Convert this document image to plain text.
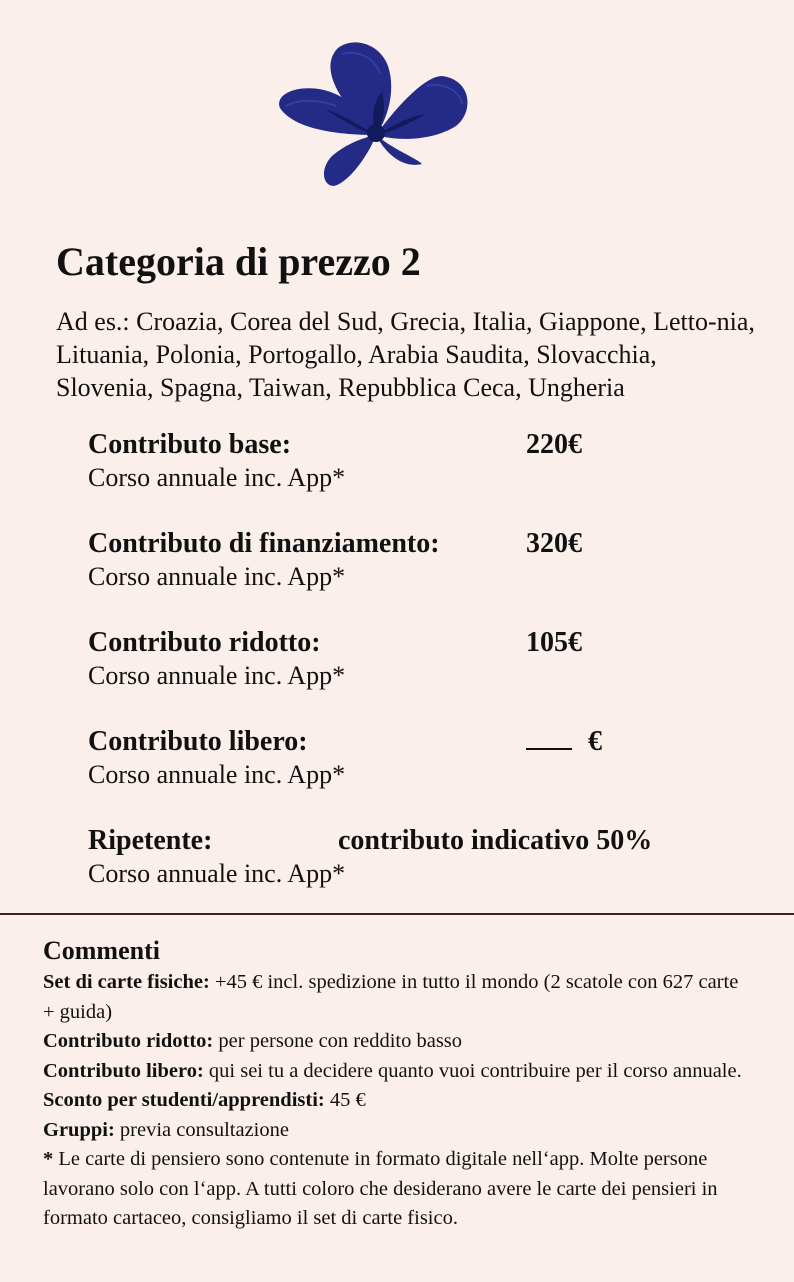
Categoria di prezzo 2

Ad es.: Croazia, Corea del Sud, Grecia, Italia, Giappone, Letto-nia, Lituania, Polonia, Portogallo, Arabia Saudita, Slovacchia, Slovenia, Spagna, Taiwan, Repubblica Ceca, Ungheria

Contributo base:	220€
Corso annuale inc. App*
Contributo di finanziamento:	320€
Corso annuale inc. App*
Contributo ridotto:	105€
Corso annuale inc. App*
Contributo libero:	€
Corso annuale inc. App*
Ripetente:	contributo indicativo 50%
Corso annuale inc. App*
Commenti

Set di carte fisiche: +45 € incl. spedizione in tutto il mondo (2 scatole con 627 carte + guida)

Contributo ridotto: per persone con reddito basso

Contributo libero: qui sei tu a decidere quanto vuoi contribuire per il corso annuale.

Sconto per studenti/apprendisti: 45 €

Gruppi: previa consultazione

* Le carte di pensiero sono contenute in formato digitale nell‘app. Molte persone lavorano solo con l‘app. A tutti coloro che desiderano avere le carte dei pensieri in formato cartaceo, consigliamo il set di carte fisico.
